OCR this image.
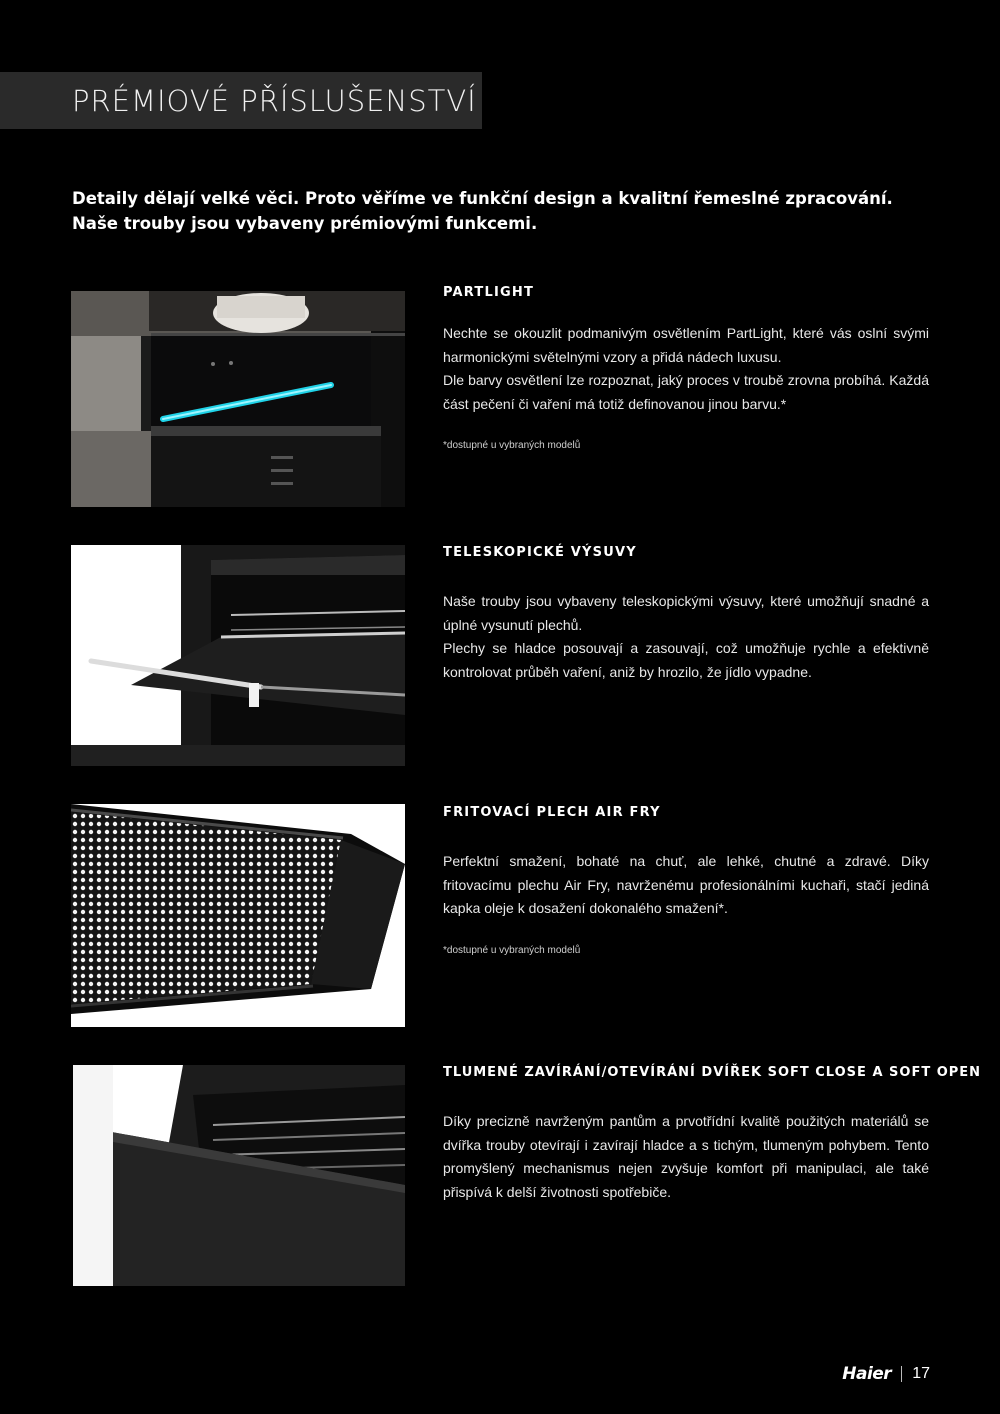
PRÉMIOVÉ PŘÍSLUŠENSTVÍ

Detaily dělají velké věci. Proto věříme ve funkční design a kvalitní řemeslné zpracování. Naše trouby jsou vybaveny prémiovými funkcemi.

PARTLIGHT

Nechte se okouzlit podmanivým osvětlením PartLight, které vás oslní svými harmonickými světelnými vzory a přidá nádech luxusu.

Dle barvy osvětlení lze rozpoznat, jaký proces v troubě zrovna probíhá. Každá část pečení či vaření má totiž definovanou jinou barvu.*

*dostupné u vybraných modelů

TELESKOPICKÉ VÝSUVY

Naše trouby jsou vybaveny teleskopickými výsuvy, které umožňují snadné a úplné vysunutí plechů.

Plechy se hladce posouvají a zasouvají, což umožňuje rychle a efektivně kontrolovat průběh vaření, aniž by hrozilo, že jídlo vypadne.

FRITOVACÍ PLECH AIR FRY

Perfektní smažení, bohaté na chuť, ale lehké, chutné a zdravé. Díky fritovacímu plechu Air Fry, navrženému profesionálními kuchaři, stačí jediná kapka oleje k dosažení dokonalého smažení*.

*dostupné u vybraných modelů

TLUMENÉ ZAVÍRÁNÍ/OTEVÍRÁNÍ DVÍŘEK SOFT CLOSE A SOFT OPEN

Díky precizně navrženým pantům a prvotřídní kvalitě použitých materiálů se dvířka trouby otevírají i zavírají hladce a s tichým, tlumeným pohybem. Tento promyšlený mechanismus nejen zvyšuje komfort při manipulaci, ale také přispívá k delší životnosti spotřebiče.

Haier 17
